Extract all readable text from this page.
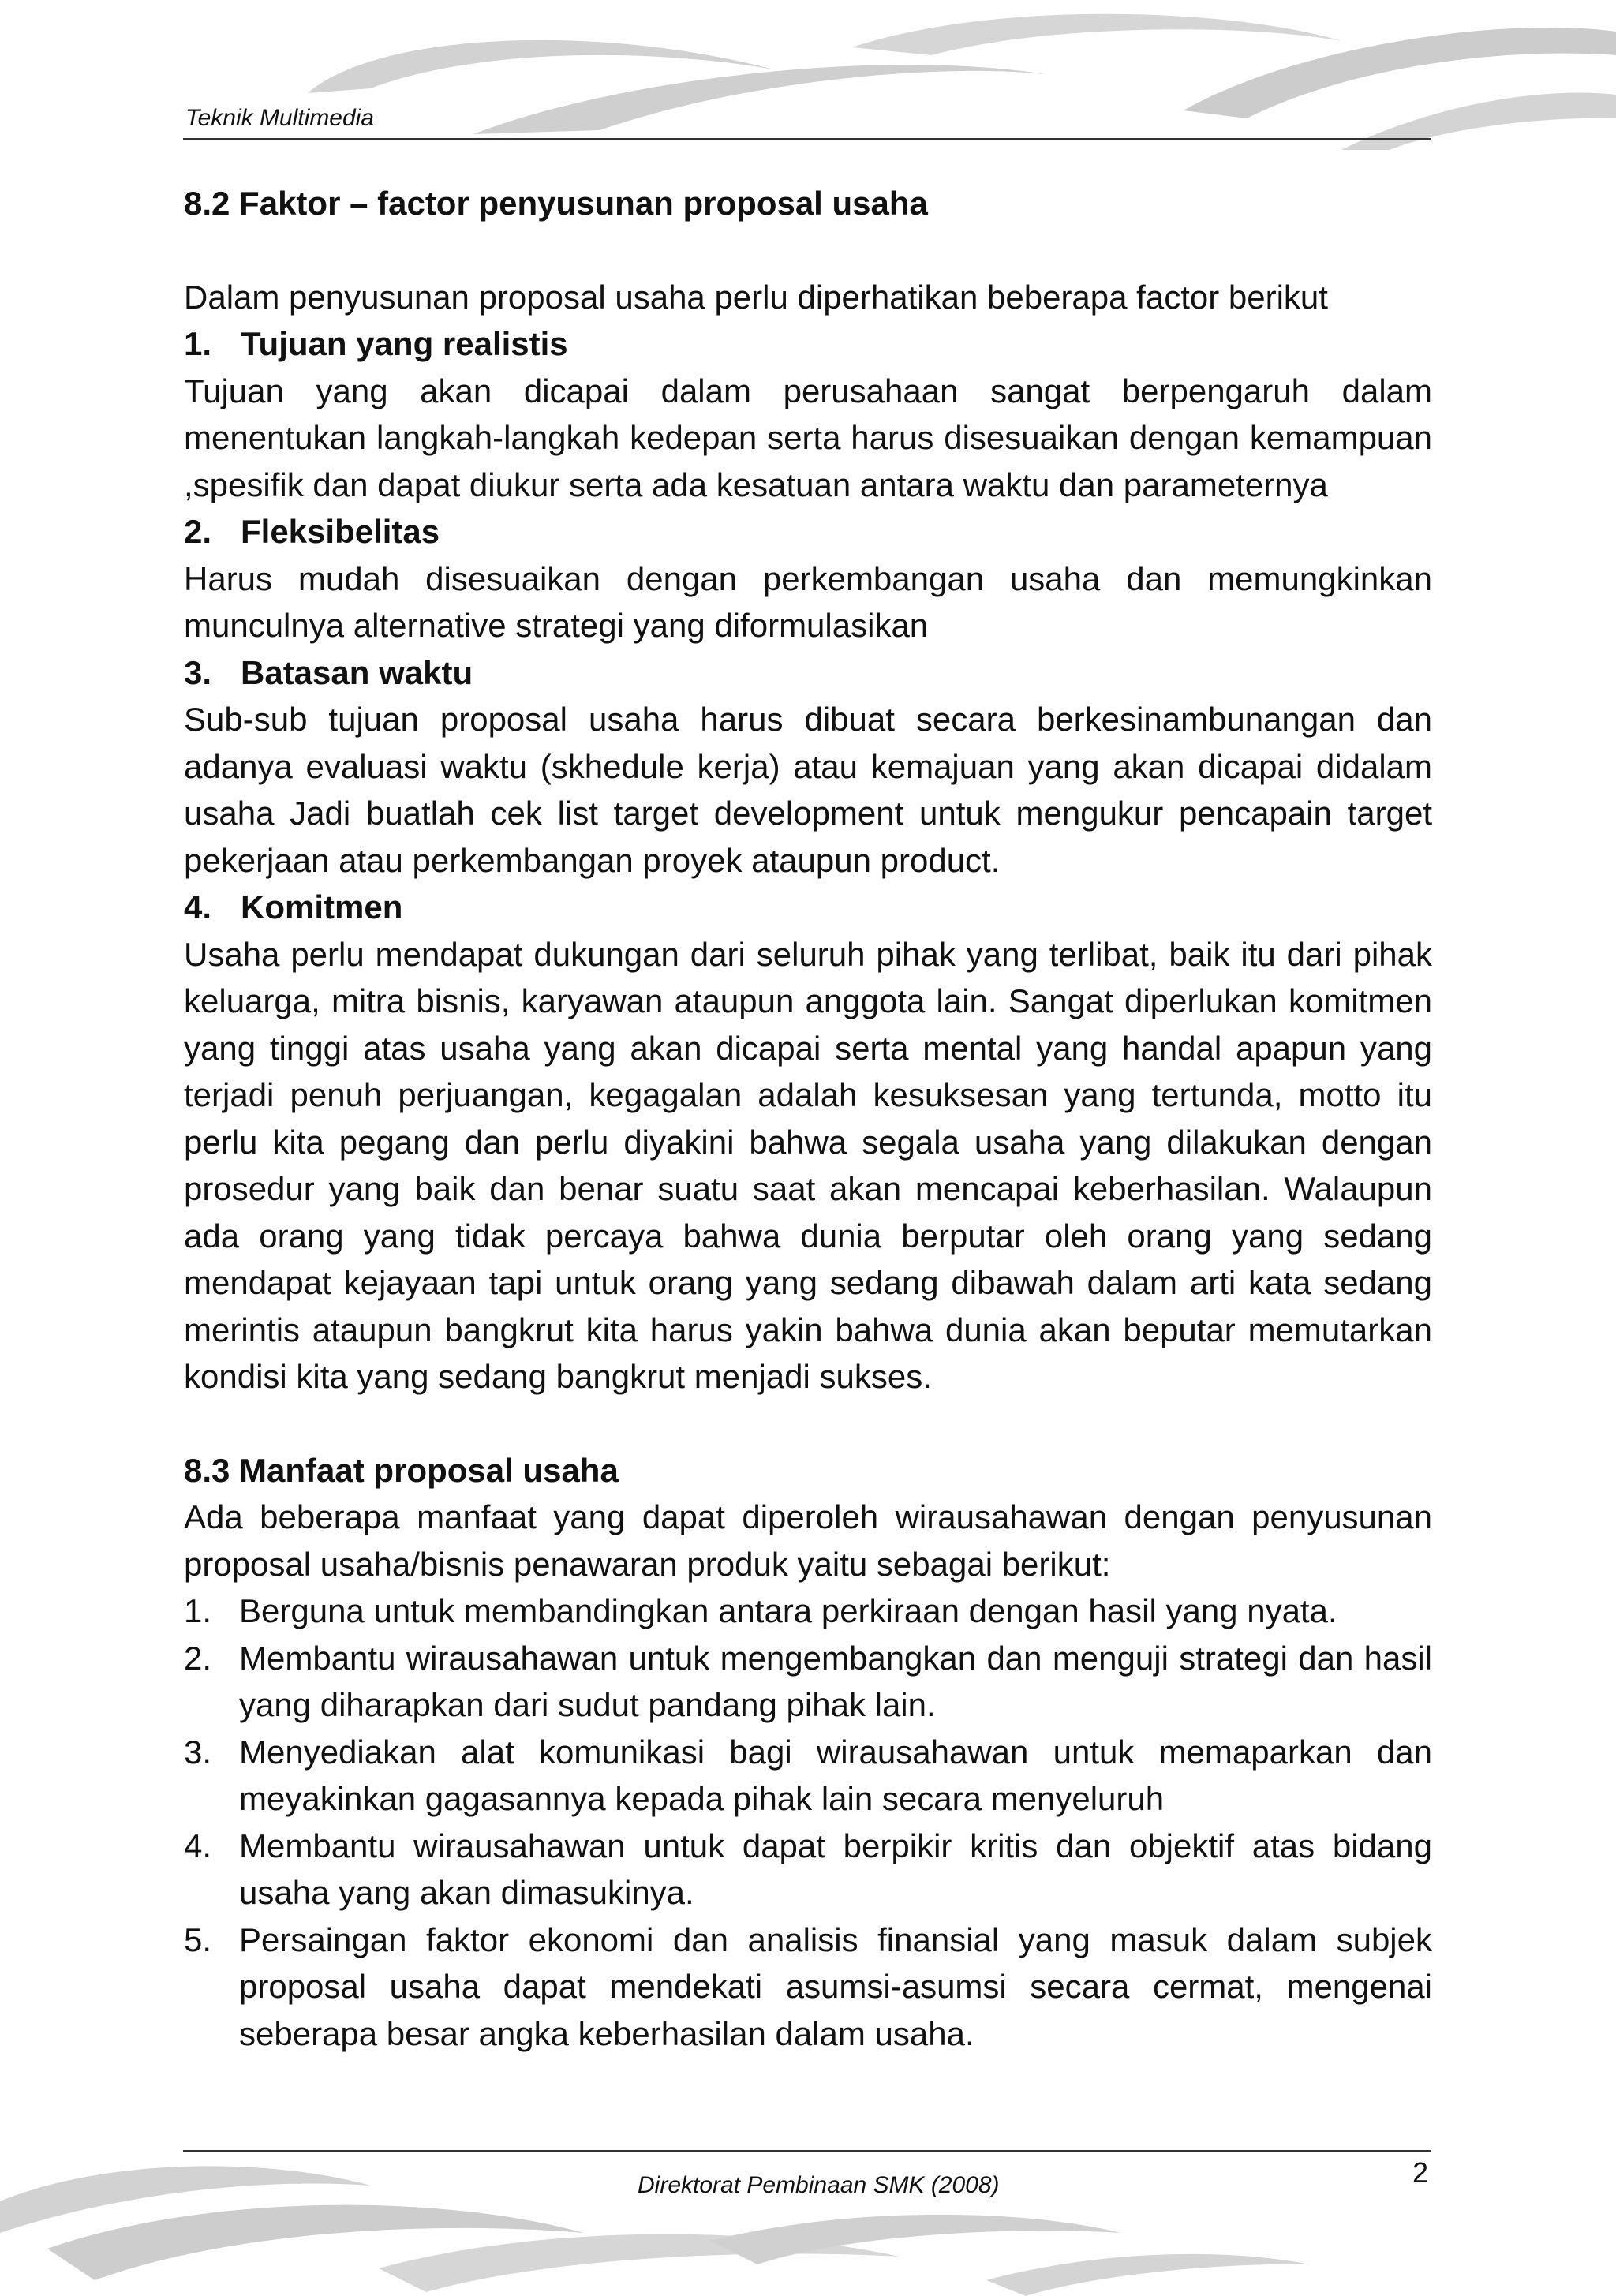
Teknik Multimedia
8.2 Faktor – factor penyusunan proposal usaha

Dalam penyusunan proposal usaha perlu diperhatikan beberapa factor berikut

1. Tujuan yang realistis

Tujuan yang akan dicapai dalam perusahaan sangat berpengaruh dalam menentukan langkah-langkah kedepan serta harus disesuaikan dengan kemampuan ,spesifik dan dapat diukur serta ada kesatuan antara waktu dan parameternya

2. Fleksibelitas

Harus mudah disesuaikan dengan perkembangan usaha dan memungkinkan munculnya alternative strategi yang diformulasikan

3. Batasan waktu

Sub-sub tujuan proposal usaha harus dibuat secara berkesinambunangan dan adanya evaluasi waktu (skhedule kerja) atau kemajuan yang akan dicapai didalam usaha Jadi buatlah cek list target development untuk mengukur pencapain target pekerjaan atau perkembangan proyek ataupun product.

4. Komitmen

Usaha perlu mendapat dukungan dari seluruh pihak yang terlibat, baik itu dari pihak keluarga, mitra bisnis, karyawan ataupun anggota lain. Sangat diperlukan komitmen yang tinggi atas usaha yang akan dicapai serta mental yang handal apapun yang terjadi penuh perjuangan, kegagalan adalah kesuksesan yang tertunda, motto itu perlu kita pegang dan perlu diyakini bahwa segala usaha yang dilakukan dengan prosedur yang baik dan benar suatu saat akan mencapai keberhasilan. Walaupun ada orang yang tidak percaya bahwa dunia berputar oleh orang yang sedang mendapat kejayaan tapi untuk orang yang sedang dibawah dalam arti kata sedang merintis ataupun bangkrut kita harus yakin bahwa dunia akan beputar memutarkan kondisi kita yang sedang bangkrut menjadi sukses.

8.3 Manfaat proposal usaha

Ada beberapa manfaat yang dapat diperoleh wirausahawan dengan penyusunan proposal usaha/bisnis penawaran produk yaitu sebagai berikut:

1. Berguna untuk membandingkan antara perkiraan dengan hasil yang nyata.
2. Membantu wirausahawan untuk mengembangkan dan menguji strategi dan hasil yang diharapkan dari sudut pandang pihak lain.
3. Menyediakan alat komunikasi bagi wirausahawan untuk memaparkan dan meyakinkan gagasannya kepada pihak lain secara menyeluruh
4. Membantu wirausahawan untuk dapat berpikir kritis dan objektif atas bidang usaha yang akan dimasukinya.
5. Persaingan faktor ekonomi dan analisis finansial yang masuk dalam subjek proposal usaha dapat mendekati asumsi-asumsi secara cermat, mengenai seberapa besar angka keberhasilan dalam usaha.
2
Direktorat Pembinaan SMK (2008)
